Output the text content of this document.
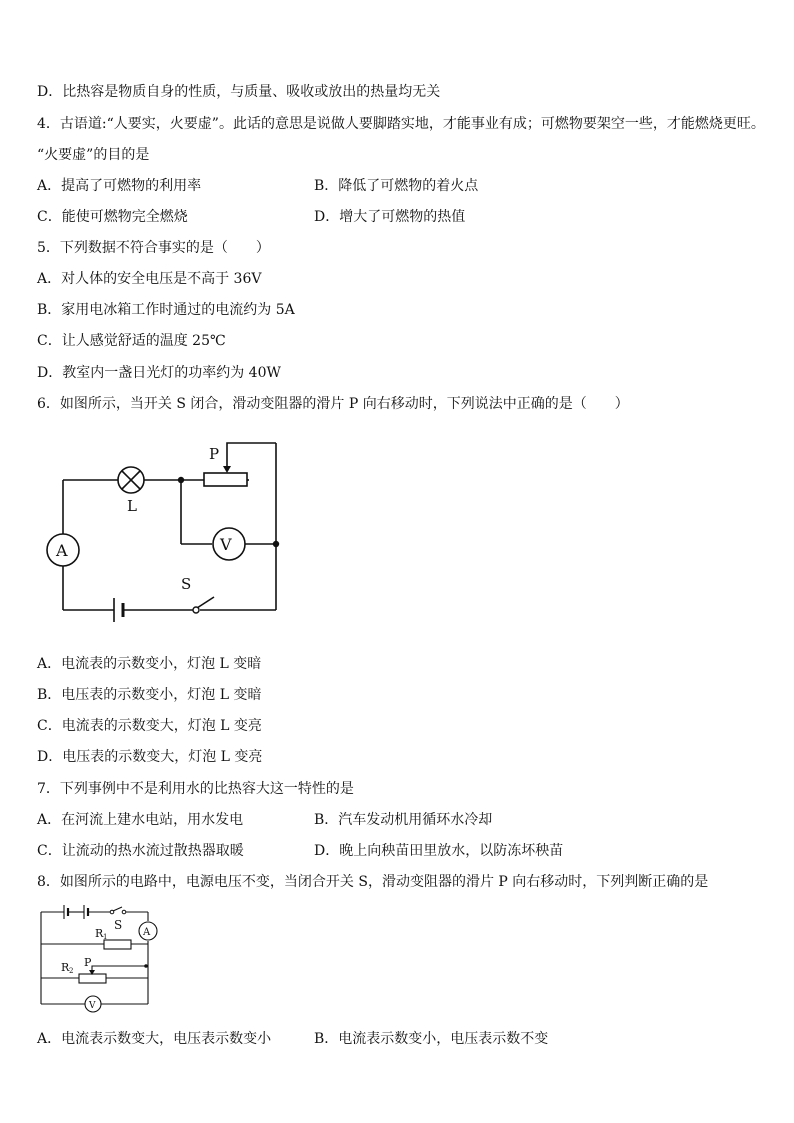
D．比热容是物质自身的性质，与质量、吸收或放出的热量均无关
4．古语道:“人要实，火要虚”。此话的意思是说做人要脚踏实地，才能事业有成；可燃物要架空一些，才能燃烧更旺。
“火要虚”的目的是
A．提高了可燃物的利用率	B．降低了可燃物的着火点
C．能使可燃物完全燃烧	D．增大了可燃物的热值
5．下列数据不符合事实的是（　　）
A．对人体的安全电压是不高于 36V
B．家用电冰箱工作时通过的电流约为 5A
C．让人感觉舒适的温度 25℃
D．教室内一盏日光灯的功率约为 40W
6．如图所示，当开关 S 闭合，滑动变阻器的滑片 P 向右移动时，下列说法中正确的是（　　）
P
L
V
A
S
A．电流表的示数变小，灯泡 L 变暗
B．电压表的示数变小，灯泡 L 变暗
C．电流表的示数变大，灯泡 L 变亮
D．电压表的示数变大，灯泡 L 变亮
7．下列事例中不是利用水的比热容大这一特性的是
A．在河流上建水电站，用水发电	B．汽车发动机用循环水冷却
C．让流动的热水流过散热器取暖	D．晚上向秧苗田里放水，以防冻坏秧苗
8．如图所示的电路中，电源电压不变，当闭合开关 S，滑动变阻器的滑片 P 向右移动时，下列判断正确的是
S
R 1
R 2
P
A
V
A．电流表示数变大，电压表示数变小	B．电流表示数变小，电压表示数不变
